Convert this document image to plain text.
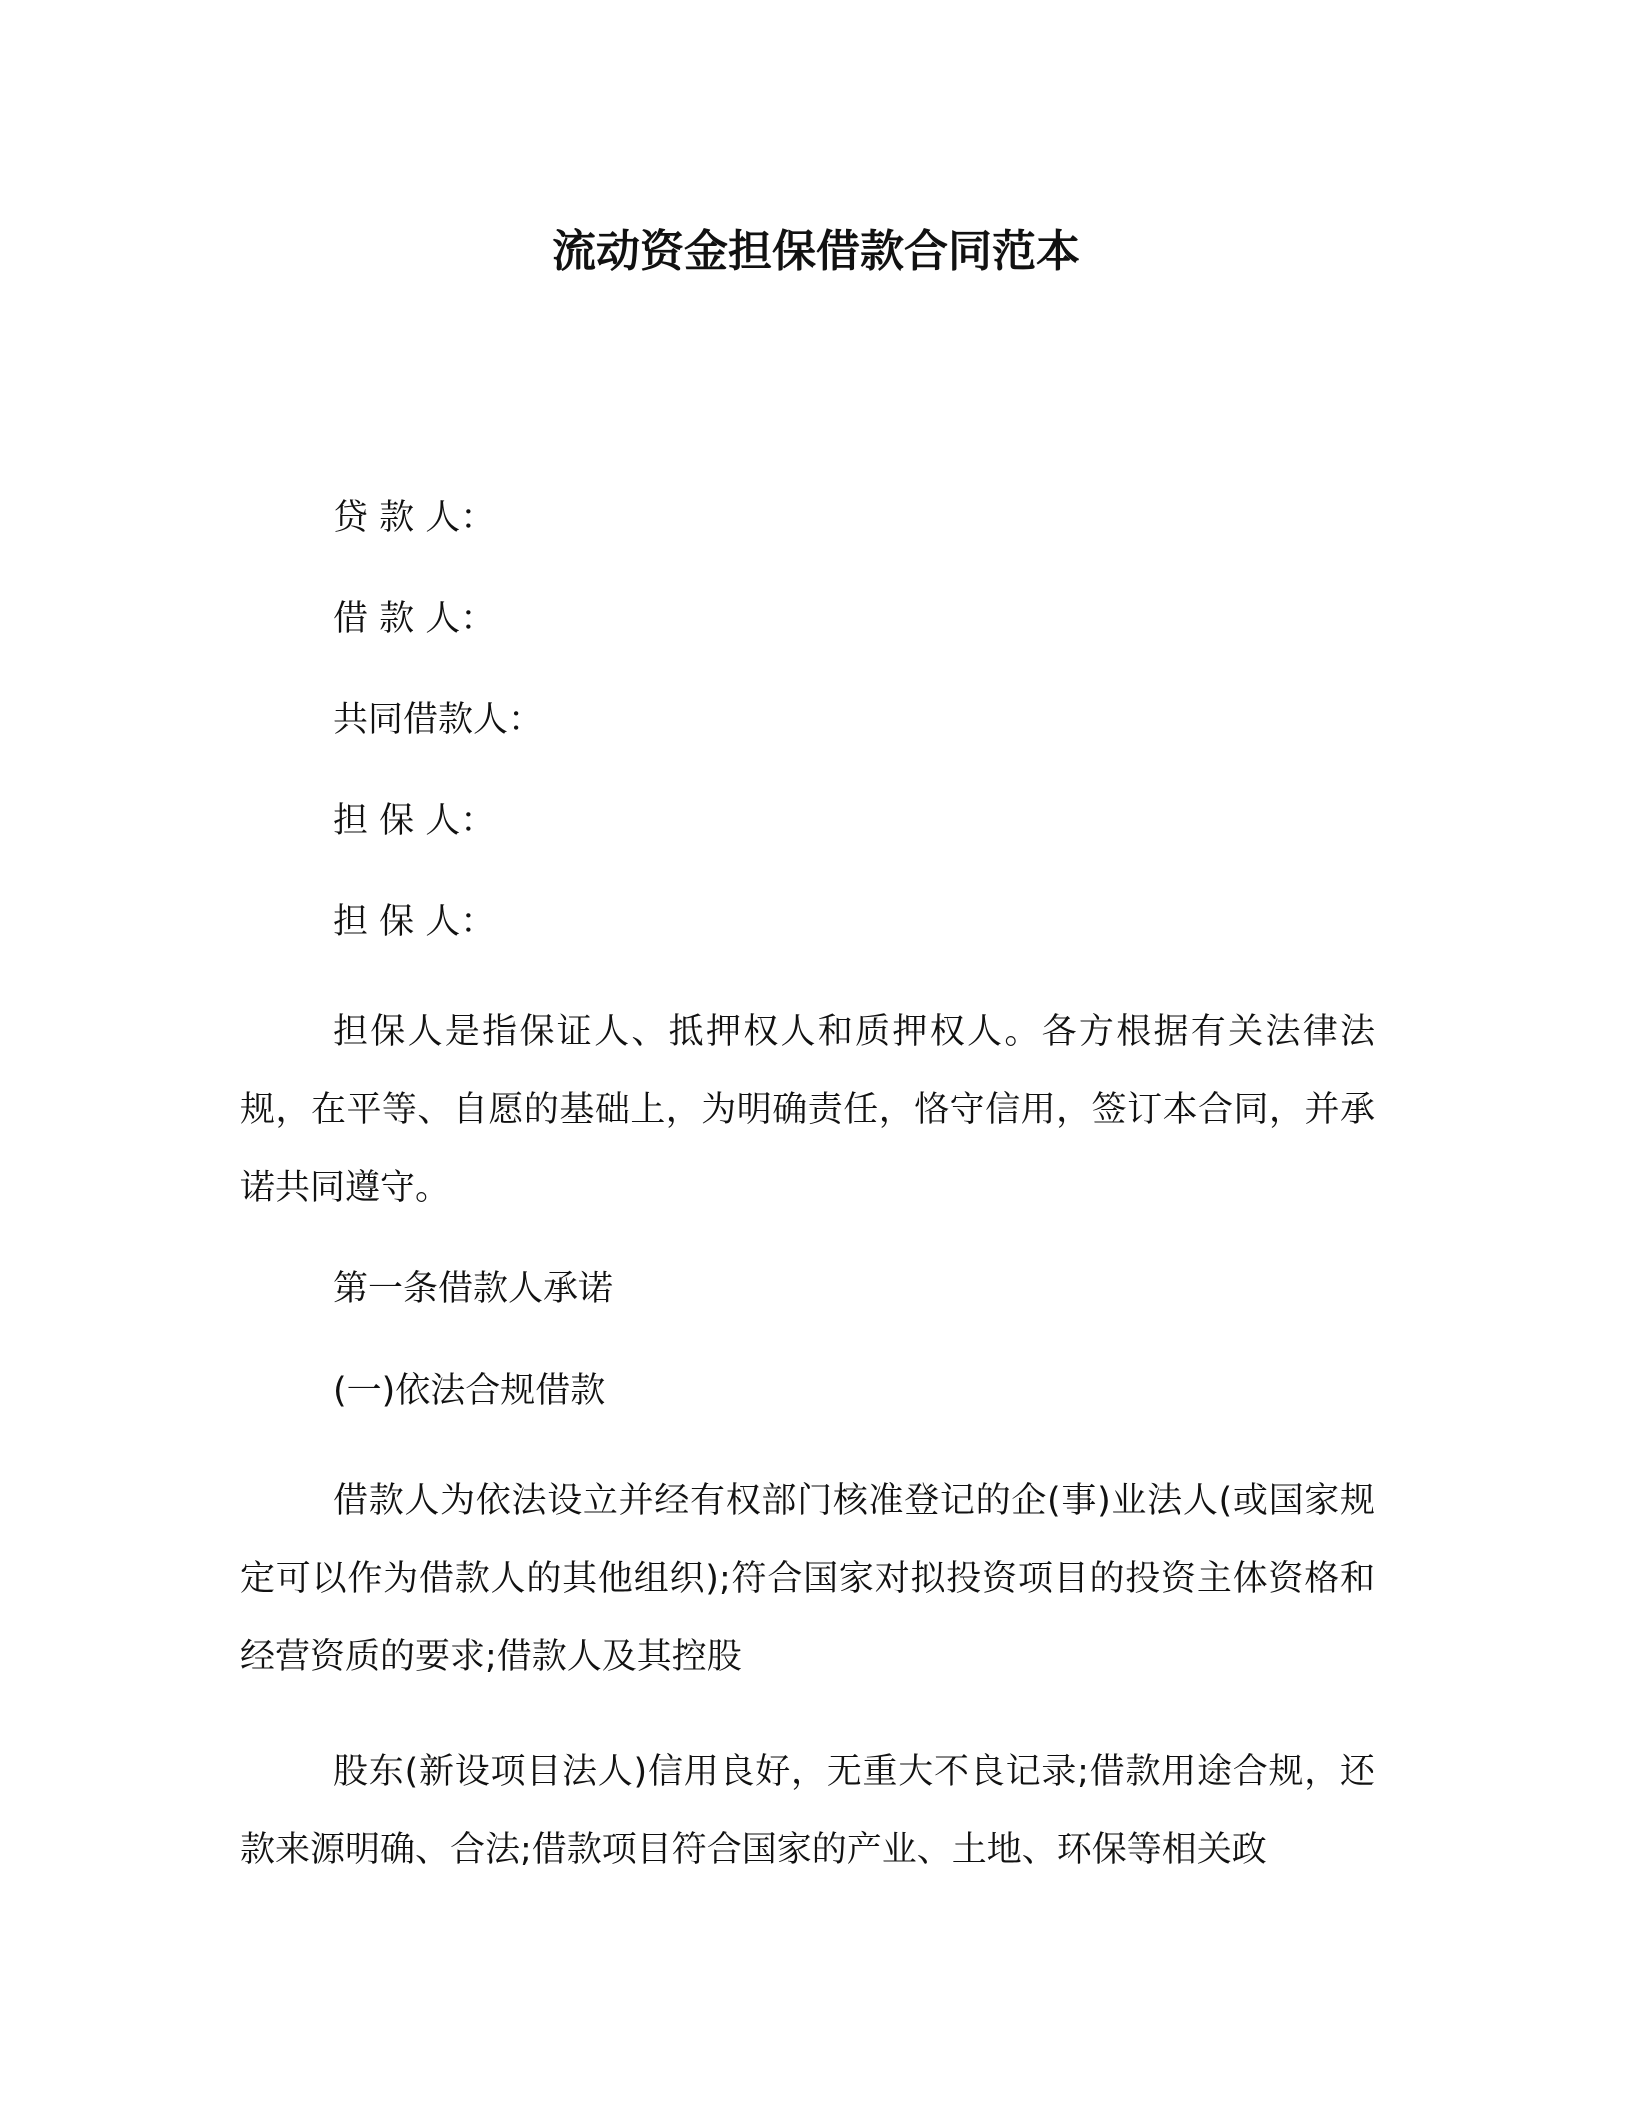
流动资金担保借款合同范本

贷 款 人：

借 款 人：

共同借款人：

担 保 人：

担 保 人：

担保人是指保证人、抵押权人和质押权人。各方根据有关法律法规，在平等、自愿的基础上，为明确责任，恪守信用，签订本合同，并承诺共同遵守。

第一条借款人承诺

(一)依法合规借款

借款人为依法设立并经有权部门核准登记的企(事)业法人(或国家规定可以作为借款人的其他组织);符合国家对拟投资项目的投资主体资格和经营资质的要求;借款人及其控股

股东(新设项目法人)信用良好，无重大不良记录;借款用途合规，还款来源明确、合法;借款项目符合国家的产业、土地、环保等相关政
